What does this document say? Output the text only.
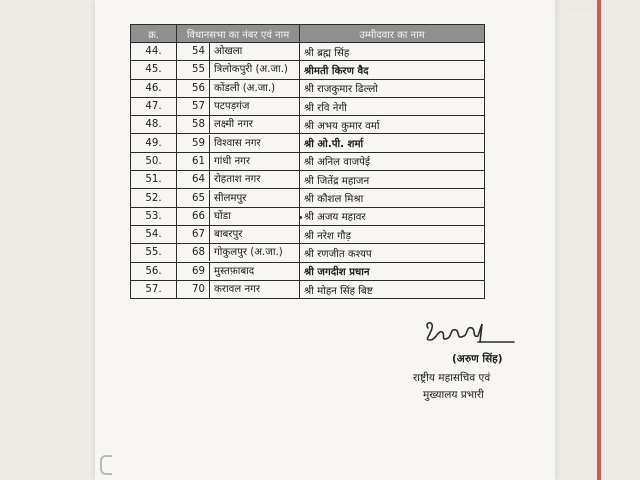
क्र.	विधानसभा का नंबर एवं नाम	उम्मीदवार का नाम
44.	54 ओखला	श्री ब्रह्म सिंह
45.	55 त्रिलोकपुरी (अ.जा.)	श्रीमती किरण वैद
46.	56 कोंडली (अ.जा.)	श्री राजकुमार ढिल्लो
47.	57 पटपड़गंज	श्री रवि नेगी
48.	58 लक्ष्मी नगर	श्री अभय कुमार वर्मा
49.	59 विश्वास नगर	श्री ओ.पी. शर्मा
50.	61 गांधी नगर	श्री अनिल वाजपेई
51.	64 रोहताश नगर	श्री जितेंद्र महाजन
52.	65 सीलमपुर	श्री कौशल मिश्रा
53.	66 घोंडा	श्री अजय महावर
54.	67 बाबरपुर	श्री नरेश गौड़
55.	68 गोकुलपुर (अ.जा.)	श्री रणजीत कश्यप
56.	69 मुस्तफ़ाबाद	श्री जगदीश प्रधान
57.	70 करावल नगर	श्री मोहन सिंह बिष्ट
(अरुण सिंह)
राष्ट्रीय महासचिव एवं
मुख्यालय प्रभारी
